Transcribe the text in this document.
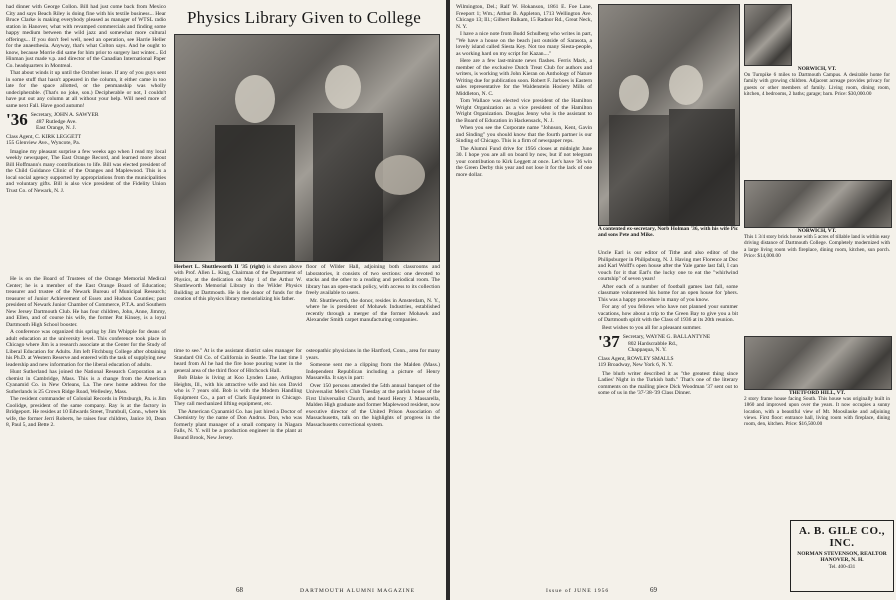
had dinner with George Collon. Bill had just come back from Mexico City and says Beach Riley is doing fine with his textile business... Hear Bruce Clarke is making everybody pleased as manager of WTSL radio station in Hanover, what with revamped commercials and finding some happy medium between the wild jazz and somewhat more cultural offerings... If you don't feel well, need an operation, see Harrie Heller for the anaesthesia. Anyway, that's what Colton says. And he ought to know, because Morrie did same for him prior to surgery last winter... Ed Hinman just made v.p. and director of the Canadian International Paper Co. headquarters in Montreal.

That about winds it up until the October issue. If any of you guys sent in some stuff that hasn't appeared in the column, it either came in too late for the space allotted, or the penmanship was wholly undecipherable. (That's no joke, son.) Decipherable or not, I couldn't have put out any column at all without your help. Will need more of same next Fall. Have good autumn!

'36 Secretary, JOHN A. SAWYER
487 Rutledge Ave.
East Orange, N. J.
Class Agent, C. KIRK LEGGETT
155 Glenview Ave., Wyncote, Pa.

Imagine my pleasant surprise a few weeks ago when I read my local weekly newspaper, The East Orange Record, and learned more about Bill Hoffmann's many contributions to life. Bill was elected president of the Child Guidance Clinic of the Oranges and Maplewood. This is a local social agency supported by appropriations from the municipalities and voluntary gifts. Bill is also vice president of the Fidelity Union Trust Co. of Newark, N. J.

He is on the Board of Trustees of the Orange Memorial Medical Center; he is a member of the East Orange Board of Education; treasurer and trustee of the Newark Bureau of Municipal Research; treasurer of Junior Achievement of Essex and Hudson Counties; past president of Newark Junior Chamber of Commerce, P.T.A. and Southern New Jersey Dartmouth Club. He has four children, John, Anne, Jimmy, and Ellen, and of course his wife, the former Pat Kinsey, is a loyal Dartmouth High School booster.

A conference was organized this spring by Jim Whipple for deans of adult education at the university level. This conference took place in Chicago where Jim is a research associate at the Center for the Study of Liberal Education for Adults. Jim left Fitchburg College after obtaining his Ph.D. at Western Reserve and entered with the task of supplying new leadership and new information for the liberal education of adults.

Hunt Sutherland has joined the National Research Corporation as a chemist in Cambridge, Mass. This is a change from the American Cyanamid Co. in New Orleans, La. The new home address for the Sutherlands is 25 Crown Ridge Road, Wellesley, Mass.

The resident commander of Colonial Records in Pittsburgh, Pa. is Jim Coolidge, president of the same company. Ray is at the factory in Bridgeport. He resides at 10 Edwards Street, Trumbull, Conn., where his wife, the former Jerri Roberts, he raises four children, Janice 10, Dean 8, Paul 5, and Bette 2.

Physics Library Given to College
Herbert L. Shuttleworth II '35 (right) is shown above with Prof. Allen L. King, Chairman of the Department of Physics, at the dedication on May 1 of the Arthur W. Shuttleworth Memorial Library in the Wilder Physics Building at Dartmouth. He is the donor of funds for the creation of this physics library memorializing his father.

floor of Wilder Hall, adjoining both classrooms and laboratories, it consists of two sections: one devoted to stacks and the other to a reading and periodical room. The library has an open-stack policy, with access to its collection freely available to users.

Mr. Shuttleworth, the donor, resides in Amsterdam, N. Y., where he is president of Mohawk Industries, established recently through a merger of the former Mohawk and Alexander Smith carpet manufacturing companies.

time to see." At is the assistant district sales manager for Standard Oil Co. of California in Seattle. The last time I heard from Al he had the fire hose pouring water in the general area of the third floor of Hitchcock Hall.

Bob Blake is living at Koo Lynden Lane, Arlington Heights, Ill., with his attractive wife and his son David who is 7 years old. Bob is with the Modern Handling Equipment Co., a part of Clark Equipment in Chicago. They call mechanized lifting equipment, etc.

The American Cyanamid Co. has just hired a Doctor of Chemistry by the name of Don Andrus. Don, who was formerly plant manager of a small company in Niagara Falls, N. Y. will be a production engineer in the plant at Bound Brook, New Jersey.

osteopathic physicians in the Hartford, Conn., area for many years.

Someone sent me a clipping from the Malden (Mass.) Independent Republican including a picture of Henry Massarella. It says in part:

Over 150 persons attended the 54th annual banquet of the Universalist Men's Club Tuesday at the parish house of the First Universalist Church, and heard Henry J. Massarella, Malden High graduate and former Maplewood resident, now executive director of the United Prison Association of Massachusetts, talk on the highlights of progress in the Massachusetts correctional system.

68	DARTMOUTH ALUMNI MAGAZINE

Wilmington, Del.; Ralf W. Hokanson, 1861 E. Foe Lane, Freeport 1; Wm.; Arthur B. Appleton, 1713 Wellington Ave. Chicago 13; Ill.; Gilbert Balkam, 15 Radnor Rd., Great Neck, N. Y.

I have a nice note from Budd Schulberg who writes in part, "We have a house on the beach just outside of Sarasota, a lovely island called Siesta Key. Not too many Siesta-people, as working hard on my script for Kazan...."

Here are a few last-minute news flashes. Ferris Mack, a member of the exclusive Dutch Treat Club for authors and writers, is working with John Kieran on Anthology of Nature Writing due for publication soon. Robert F. Jarboes is Eastern sales representative for the Waldenstein Hosiery Mills of Middleton, N. C.

Tom Wallace was elected vice president of the Hamilton Wright Organization as a vice president of the Hamilton Wright Organization. Douglas Jenny who is the assistant to the Board of Education in Hackensack, N. J.

When you see the Corporate name "Johnson, Kent, Gavin and Sinding" you should know that the fourth partner is our Sinding of Chicago. This is a firm of newspaper reps.

The Alumni Fund drive for 1956 closes at midnight June 30. I hope you are all on board by now, but if not telegram your contribution to Kirk Leggett at once. Let's have '36 win the Green Derby this year and not lose it for the lack of one more dollar.

A contented ex-secretary, Norb Holman '36, with his wife Pic and sons Pete and Mike.

Uncle Earl is our editor of Tithe and also editor of the Philipsburger in Philipsburg, N. J. Having met Florence at Doc and Karl Wolff's open house after the Yale game last fall, I can vouch for it that Earl's the lucky one to eat the "whirlwind courtship" of seven years!

After each of a number of football games last fall, some classmate volunteered his home for an open house for 'phers. This was a happy procedure in many of you know.

For any of you fellows who have not planned your summer vacations, how about a trip to the Green Bay to give you a bit of Dartmouth spirit with the Class of 1936 at its 20th reunion.

Best wishes to you all for a pleasant summer.

'37 Secretary, WAYNE G. BALLANTYNE
802 Hardscrabble Rd.,
Chappaqua, N. Y.
Class Agent, ROWLEY SMALLS
119 Broadway, New York 6, N. Y.

The blurb writer described it as "the greatest thing since Ladies' Night in the Turkish bath." That's one of the literary comments on the mailing piece Dick Woodman '37 sent out to some of us in the '37-'38-'39 Class Dinner.

NORWICH, VT.
On Turnpike 6 miles to Dartmouth Campus. A desirable home for family with growing children. Adjacent acreage provides privacy for guests or other members of family. Living room, dining room, kitchen, 4 bedrooms, 2 baths; garage; barn. Price: $30,000.00
NORWICH, VT.
This 1 3/4 story brick house with 5 acres of tillable land is within easy driving distance of Dartmouth College. Completely modernized with a large living room with fireplace, dining room, kitchen, sun porch. Price: $14,000.00
THETFORD HILL, VT.
2 story frame house facing South. This house was originally built in 1860 and improved upon over the years. It now occupies a sunny location, with a beautiful view of Mt. Moosilauke and adjoining views. First floor: entrance hall, living room with fireplace, dining room, den, kitchen. Price: $16,500.00
69
Issue of JUNE 1956
A. B. GILE CO., INC.
NORMAN STEVENSON, REALTOR
HANOVER, N. H.
Tel. 400-431
